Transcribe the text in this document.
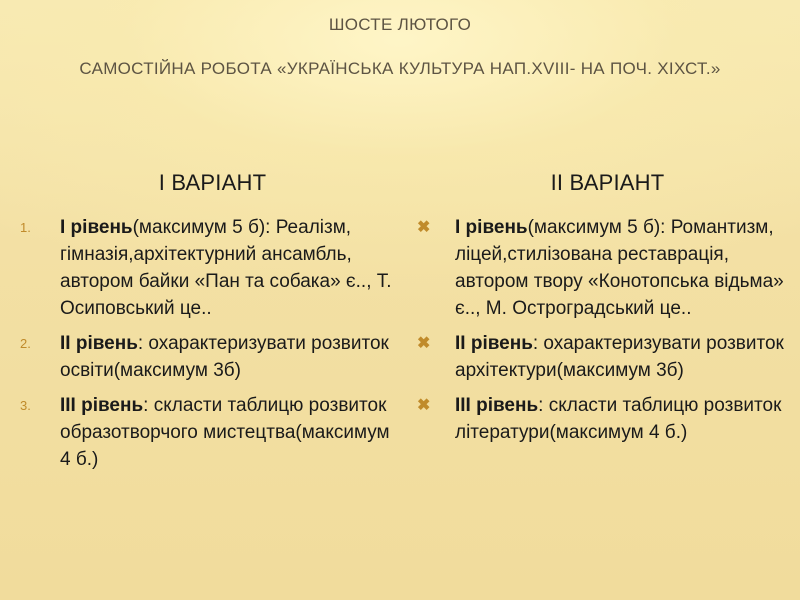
ШОСТЕ ЛЮТОГО
САМОСТІЙНА РОБОТА «УКРАЇНСЬКА КУЛЬТУРА НАП.XVIII- НА ПОЧ. ХІХСТ.»
I ВАРІАНТ
1.	І рівень(максимум 5 б): Реалізм, гімназія,архітектурний ансамбль, автором байки «Пан та собака» є.., Т. Осиповський це..
2.	ІІ рівень: охарактеризувати розвиток освіти(максимум 3б)
3.	ІІІ рівень: скласти таблицю розвиток образотворчого мистецтва(максимум 4 б.)
II ВАРІАНТ
✖	І рівень(максимум 5 б): Романтизм, ліцей,стилізована реставрація, автором твору «Конотопська відьма» є.., М. Остроградський це..
✖	ІІ рівень: охарактеризувати розвиток архітектури(максимум 3б)
✖	ІІІ рівень: скласти таблицю розвиток літератури(максимум 4 б.)
